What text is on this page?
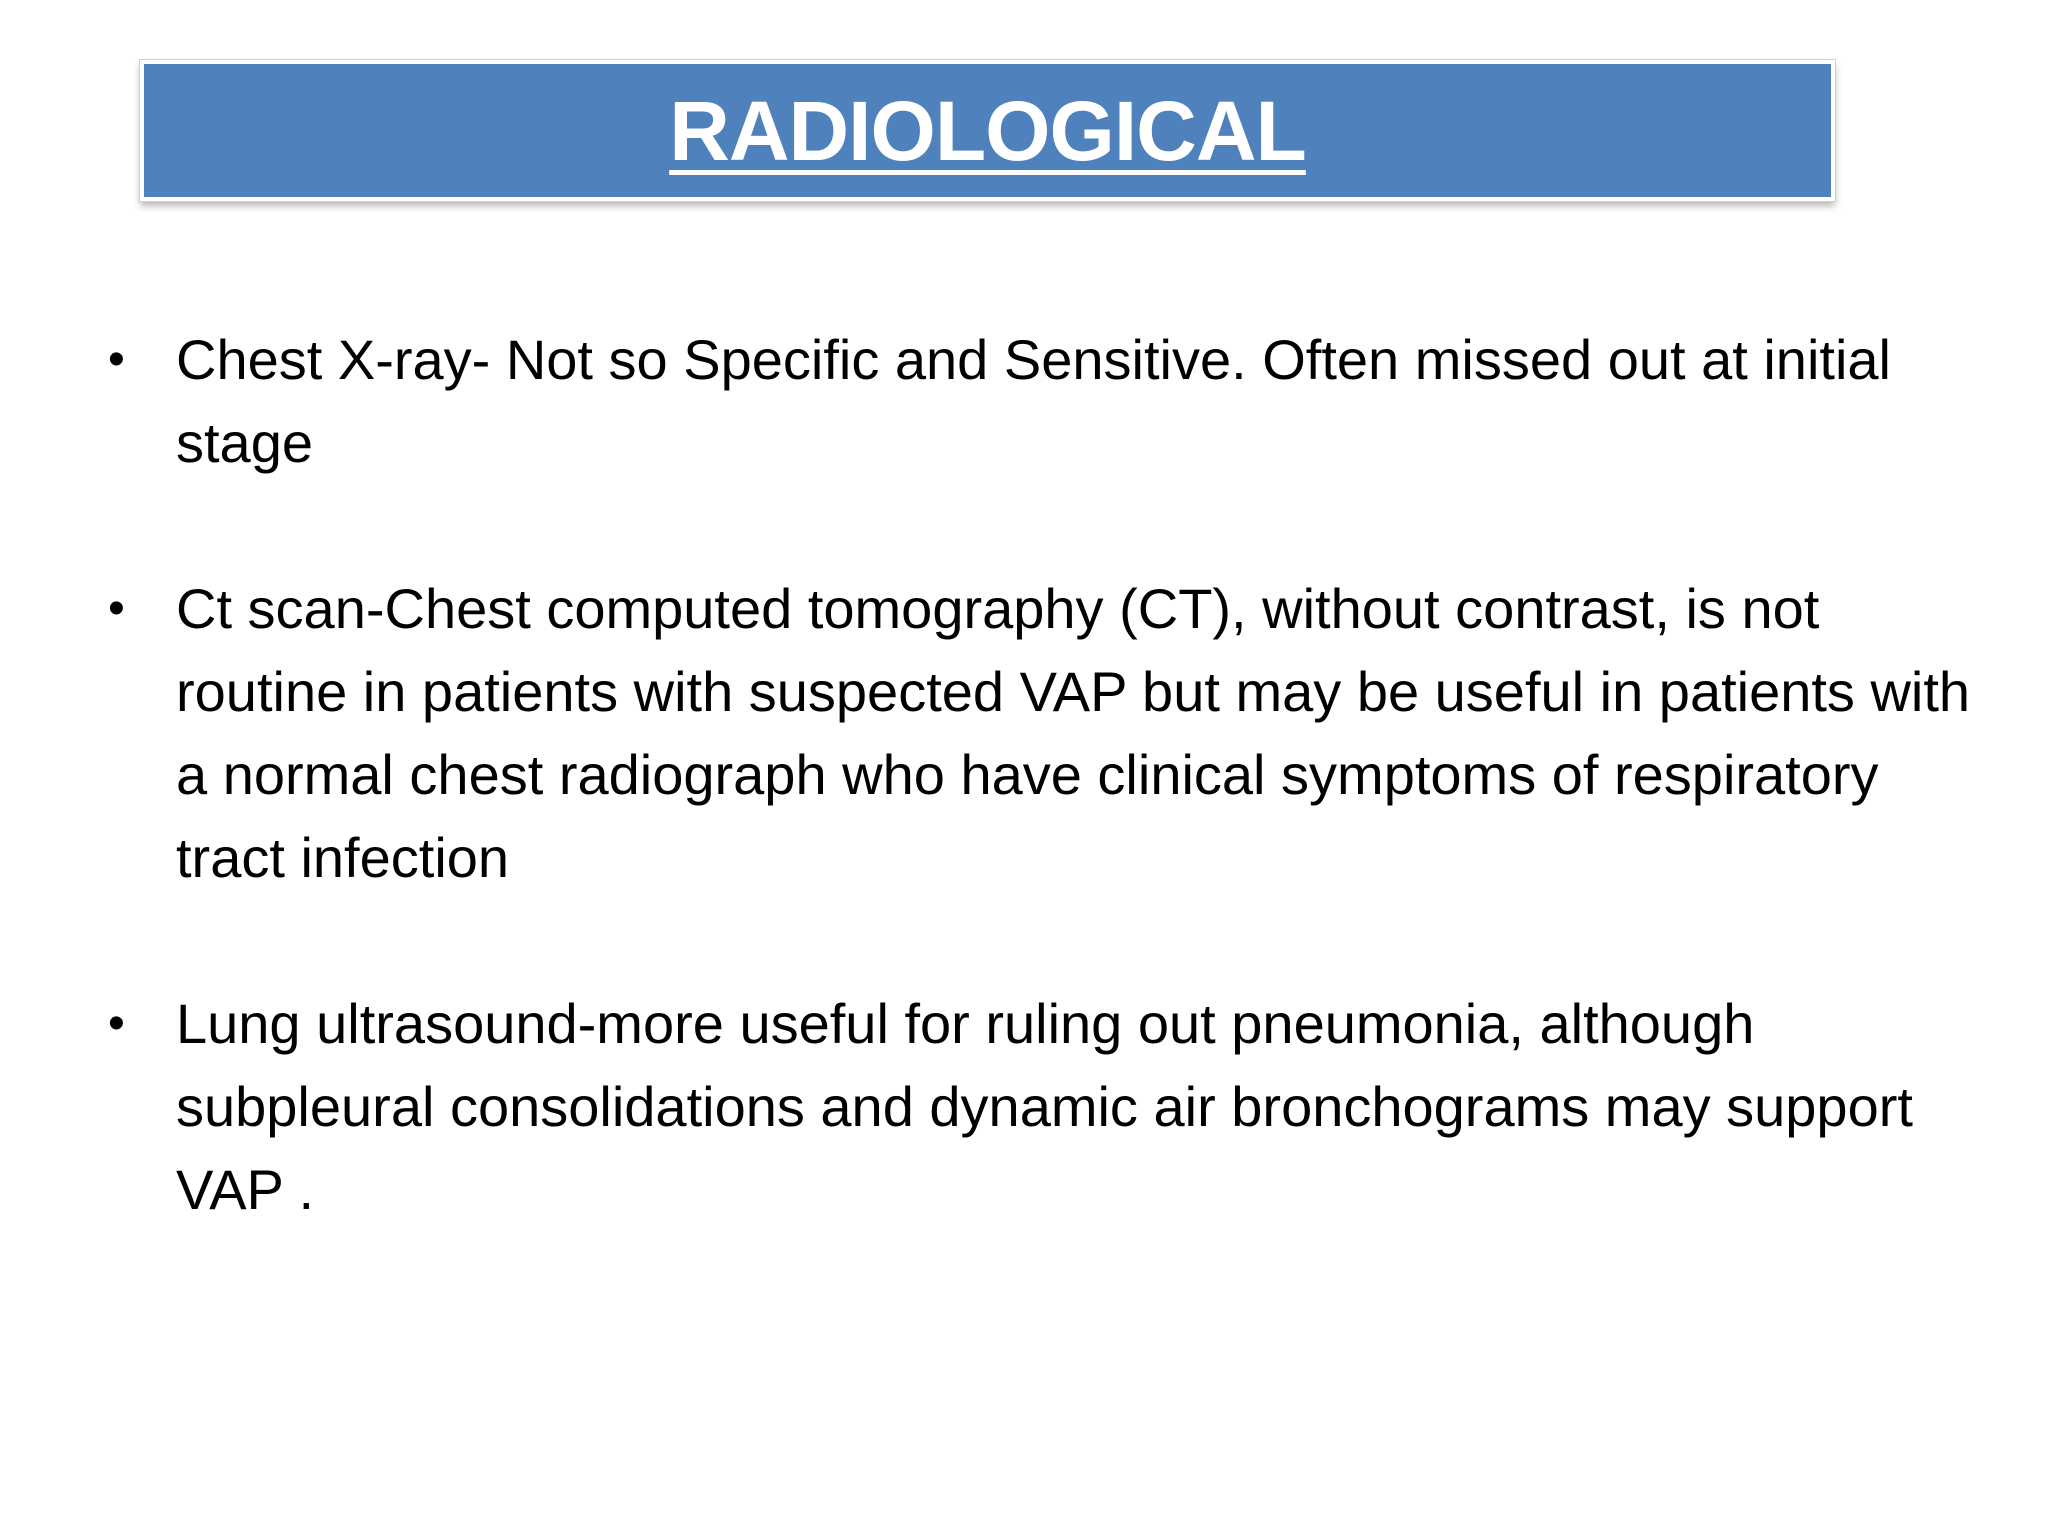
RADIOLOGICAL
• Chest X-ray- Not so Specific and Sensitive. Often missed out at initial stage
• Ct scan-Chest computed tomography (CT), without contrast, is not routine in patients with suspected VAP but may be useful in patients with a normal chest radiograph who have clinical symptoms of respiratory tract infection
• Lung ultrasound-more useful for ruling out pneumonia, although subpleural consolidations and dynamic air bronchograms may support VAP .
